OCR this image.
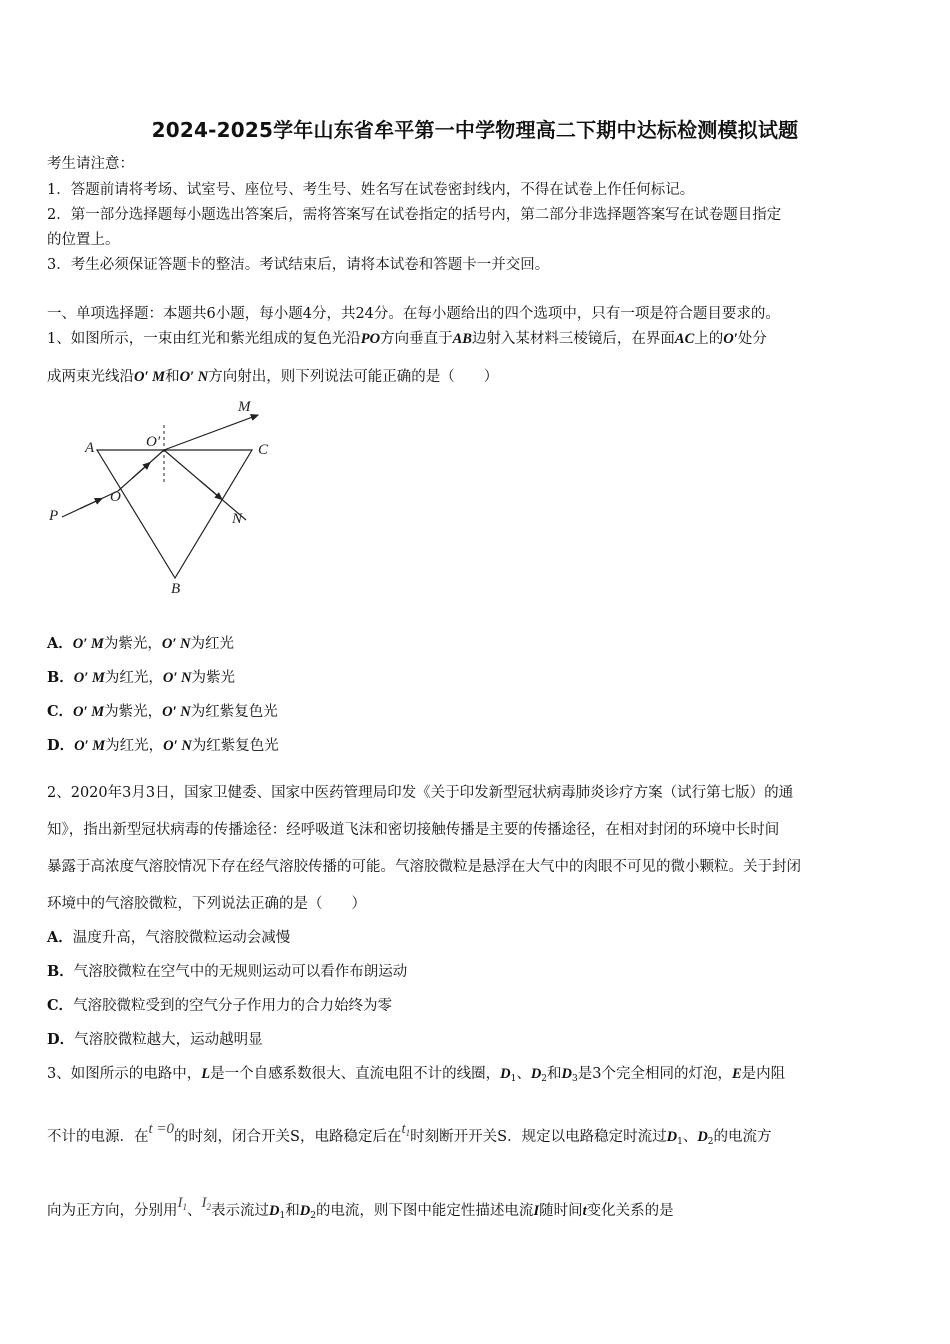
2024-2025学年山东省牟平第一中学物理高二下期中达标检测模拟试题
考生请注意：
1．答题前请将考场、试室号、座位号、考生号、姓名写在试卷密封线内，不得在试卷上作任何标记。
2．第一部分选择题每小题选出答案后，需将答案写在试卷指定的括号内，第二部分非选择题答案写在试卷题目指定
的位置上。
3．考生必须保证答题卡的整洁。考试结束后，请将本试卷和答题卡一并交回。
一、单项选择题：本题共6小题，每小题4分，共24分。在每小题给出的四个选项中，只有一项是符合题目要求的。
1、如图所示，一束由红光和紫光组成的复色光沿PO方向垂直于AB边射入某材料三棱镜后，在界面AC上的O′处分
成两束光线沿O′ M和O′ N方向射出，则下列说法可能正确的是（　　）
A	O′	C
M
P
O
N
B
A．O′ M为紫光，O′ N为红光
B．O′ M为红光，O′ N为紫光
C．O′ M为紫光，O′ N为红紫复色光
D．O′ M为红光，O′ N为红紫复色光
2、2020年3月3日，国家卫健委、国家中医药管理局印发《关于印发新型冠状病毒肺炎诊疗方案（试行第七版）的通
知》，指出新型冠状病毒的传播途径：经呼吸道飞沫和密切接触传播是主要的传播途径，在相对封闭的环境中长时间
暴露于高浓度气溶胶情况下存在经气溶胶传播的可能。气溶胶微粒是悬浮在大气中的肉眼不可见的微小颗粒。关于封闭
环境中的气溶胶微粒，下列说法正确的是（　　）
A．温度升高，气溶胶微粒运动会减慢
B．气溶胶微粒在空气中的无规则运动可以看作布朗运动
C．气溶胶微粒受到的空气分子作用力的合力始终为零
D．气溶胶微粒越大，运动越明显
3、如图所示的电路中，L是一个自感系数很大、直流电阻不计的线圈，$D_1$、$D_2$和$D_3$是3个完全相同的灯泡，E是内阻
不计的电源．在t =0的时刻，闭合开关S，电路稳定后在$t_1$时刻断开开关S．规定以电路稳定时流过$D_1$、$D_2$的电流方
向为正方向，分别用$I_1$、$I_2$表示流过$D_1$和$D_2$的电流，则下图中能定性描述电流I随时间t变化关系的是
